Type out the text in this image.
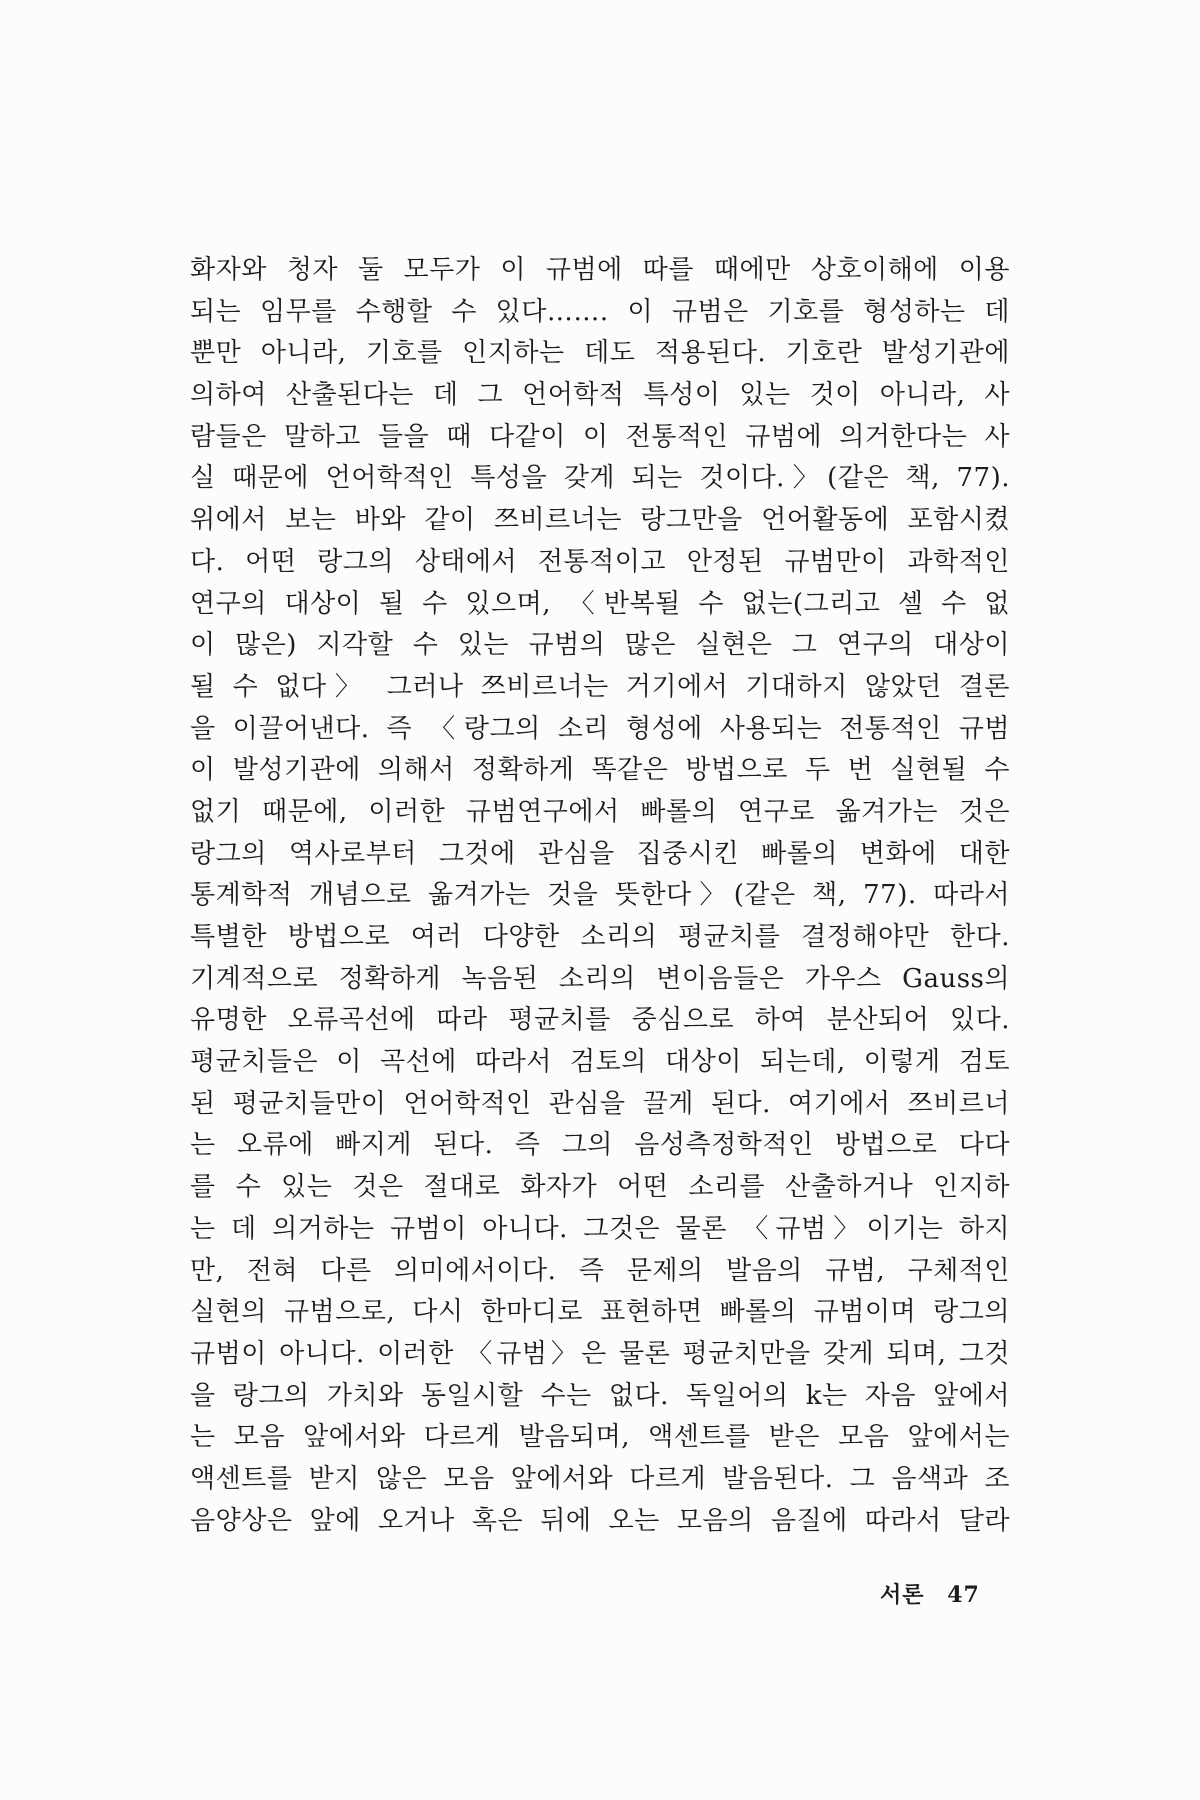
화자와 청자 둘 모두가 이 규범에 따를 때에만 상호이해에 이용
되는 임무를 수행할 수 있다……. 이 규범은 기호를 형성하는 데
뿐만 아니라, 기호를 인지하는 데도 적용된다. 기호란 발성기관에
의하여 산출된다는 데 그 언어학적 특성이 있는 것이 아니라, 사
람들은 말하고 들을 때 다같이 이 전통적인 규범에 의거한다는 사
실 때문에 언어학적인 특성을 갖게 되는 것이다.〉(같은 책, 77).
위에서 보는 바와 같이 쯔비르너는 랑그만을 언어활동에 포함시켰
다. 어떤 랑그의 상태에서 전통적이고 안정된 규범만이 과학적인
연구의 대상이 될 수 있으며, 〈반복될 수 없는(그리고 셀 수 없
이 많은) 지각할 수 있는 규범의 많은 실현은 그 연구의 대상이
될 수 없다〉 그러나 쯔비르너는 거기에서 기대하지 않았던 결론
을 이끌어낸다. 즉 〈랑그의 소리 형성에 사용되는 전통적인 규범
이 발성기관에 의해서 정확하게 똑같은 방법으로 두 번 실현될 수
없기 때문에, 이러한 규범연구에서 빠롤의 연구로 옮겨가는 것은
랑그의 역사로부터 그것에 관심을 집중시킨 빠롤의 변화에 대한
통계학적 개념으로 옮겨가는 것을 뜻한다〉(같은 책, 77). 따라서
특별한 방법으로 여러 다양한 소리의 평균치를 결정해야만 한다.
기계적으로 정확하게 녹음된 소리의 변이음들은 가우스 Gauss의
유명한 오류곡선에 따라 평균치를 중심으로 하여 분산되어 있다.
평균치들은 이 곡선에 따라서 검토의 대상이 되는데, 이렇게 검토
된 평균치들만이 언어학적인 관심을 끌게 된다. 여기에서 쯔비르너
는 오류에 빠지게 된다. 즉 그의 음성측정학적인 방법으로 다다
를 수 있는 것은 절대로 화자가 어떤 소리를 산출하거나 인지하
는 데 의거하는 규범이 아니다. 그것은 물론 〈규범〉이기는 하지
만, 전혀 다른 의미에서이다. 즉 문제의 발음의 규범, 구체적인
실현의 규범으로, 다시 한마디로 표현하면 빠롤의 규범이며 랑그의
규범이 아니다. 이러한 〈규범〉은 물론 평균치만을 갖게 되며, 그것
을 랑그의 가치와 동일시할 수는 없다. 독일어의 k는 자음 앞에서
는 모음 앞에서와 다르게 발음되며, 액센트를 받은 모음 앞에서는
액센트를 받지 않은 모음 앞에서와 다르게 발음된다. 그 음색과 조
음양상은 앞에 오거나 혹은 뒤에 오는 모음의 음질에 따라서 달라
서론 47
